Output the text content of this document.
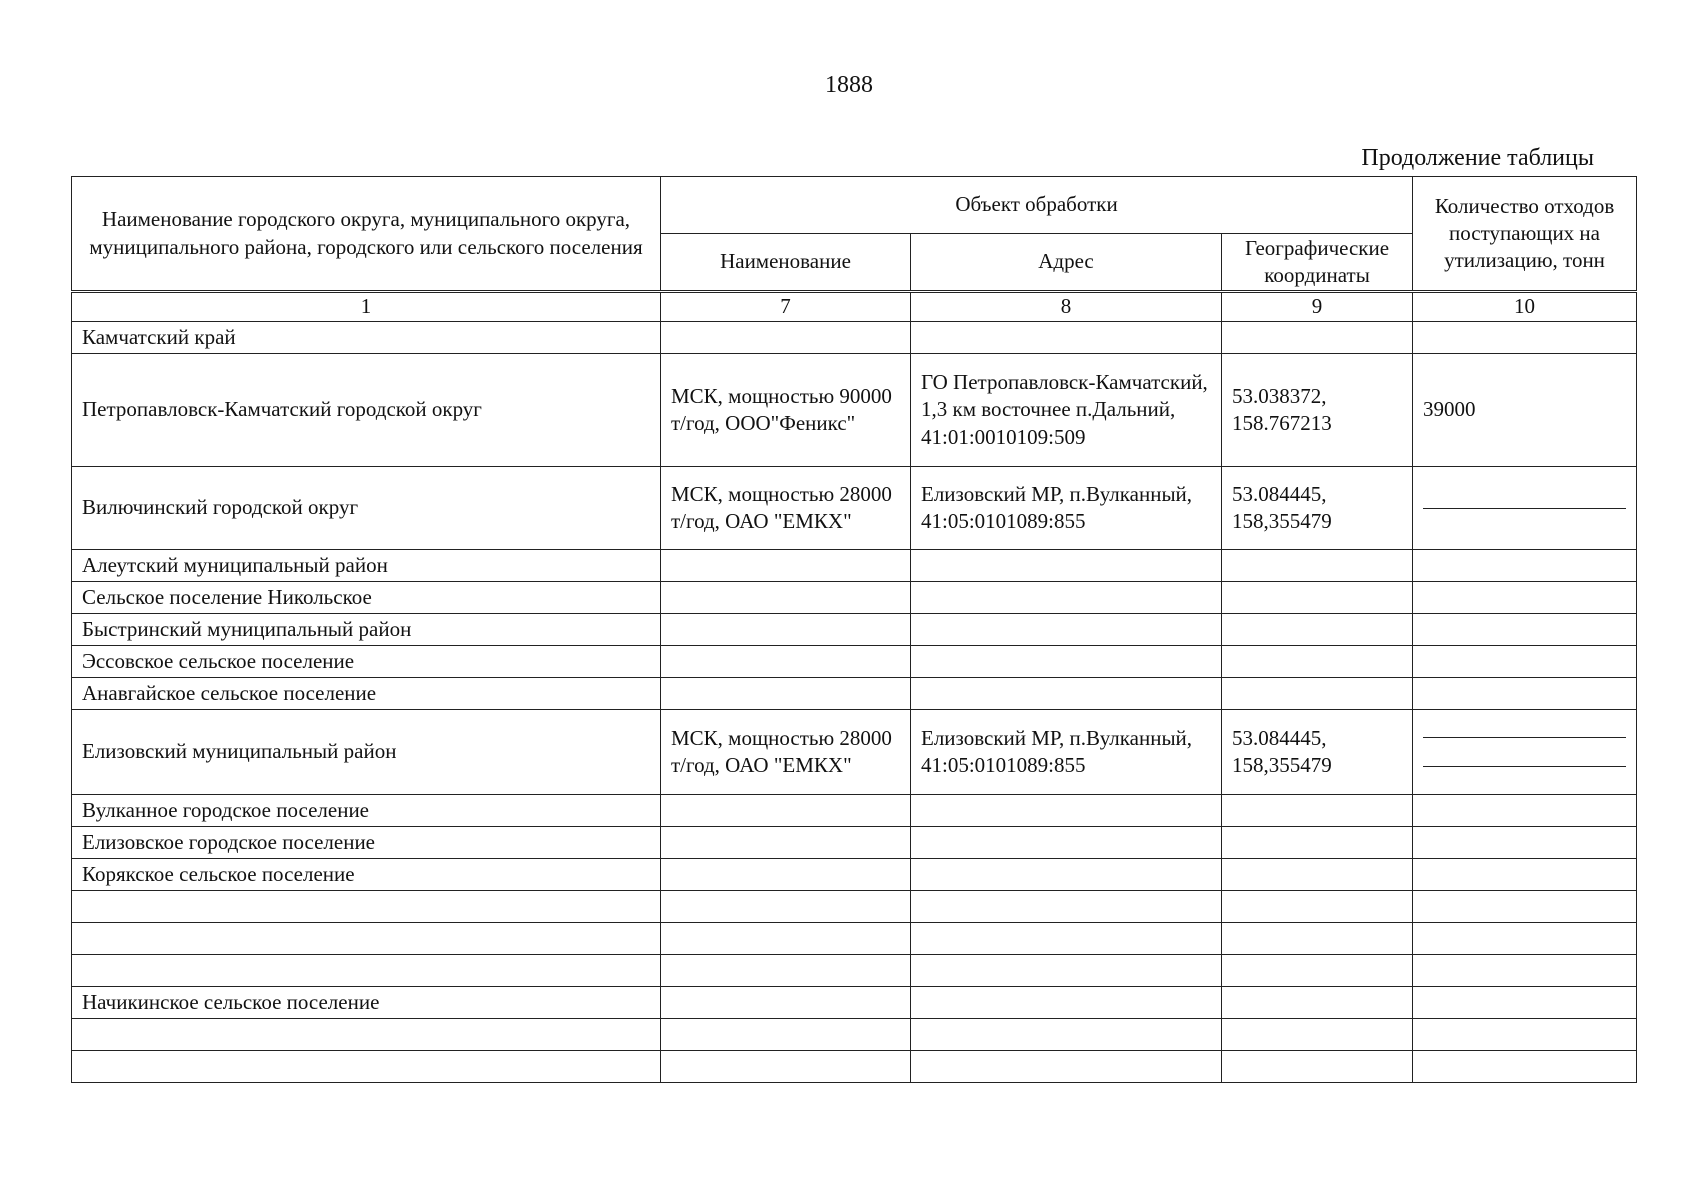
1888
Продолжение таблицы
Наименование городского округа, муниципального округа, муниципального района, городского или сельского поселения	Объект обработки			Количество отходов поступающих на утилизацию, тонн
	Наименование	Адрес	Географические координаты	
1	7	8	9	10
Камчатский край				
Петропавловск-Камчатский городской округ	МСК, мощностью 90000 т/год, ООО"Феникс"	ГО Петропавловск-Камчатский, 1,3 км восточнее п.Дальний, 41:01:0010109:509	53.038372, 158.767213	39000
Вилючинский городской округ	МСК, мощностью 28000 т/год, ОАО "ЕМКХ"	Елизовский МР, п.Вулканный, 41:05:0101089:855	53.084445, 158,355479	

Алеутский муниципальный район				
Сельское поселение Никольское				
Быстринский муниципальный район				
Эссовское сельское поселение				
Анавгайское сельское поселение				
Елизовский муниципальный район	МСК, мощностью 28000 т/год, ОАО "ЕМКХ"	Елизовский МР, п.Вулканный, 41:05:0101089:855	53.084445, 158,355479	

Вулканное городское поселение				
Елизовское городское поселение				
Корякское сельское поселение				

Начикинское сельское поселение				
